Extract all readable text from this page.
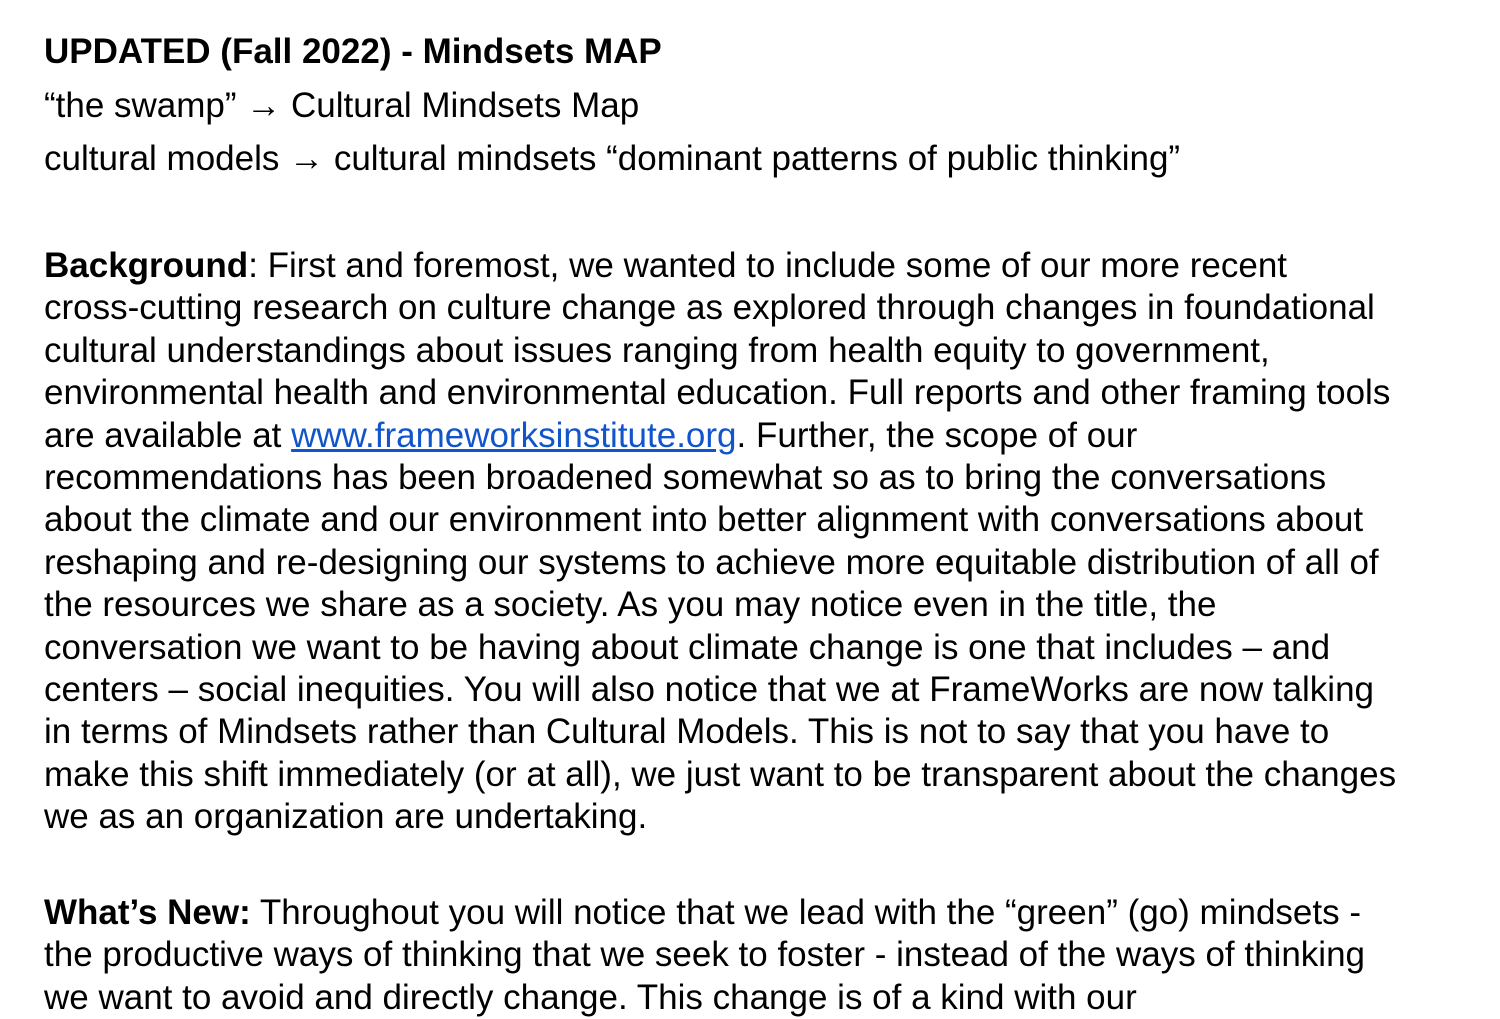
UPDATED (Fall 2022) - Mindsets MAP
“the swamp” → Cultural Mindsets Map
cultural models → cultural mindsets “dominant patterns of public thinking”
Background: First and foremost, we wanted to include some of our more recent
cross-cutting research on culture change as explored through changes in foundational
cultural understandings about issues ranging from health equity to government,
environmental health and environmental education. Full reports and other framing tools
are available at www.frameworksinstitute.org. Further, the scope of our
recommendations has been broadened somewhat so as to bring the conversations
about the climate and our environment into better alignment with conversations about
reshaping and re-designing our systems to achieve more equitable distribution of all of
the resources we share as a society. As you may notice even in the title, the
conversation we want to be having about climate change is one that includes – and
centers – social inequities. You will also notice that we at FrameWorks are now talking
in terms of Mindsets rather than Cultural Models. This is not to say that you have to
make this shift immediately (or at all), we just want to be transparent about the changes
we as an organization are undertaking.
What’s New: Throughout you will notice that we lead with the “green” (go) mindsets -
the productive ways of thinking that we seek to foster - instead of the ways of thinking
we want to avoid and directly change. This change is of a kind with our
